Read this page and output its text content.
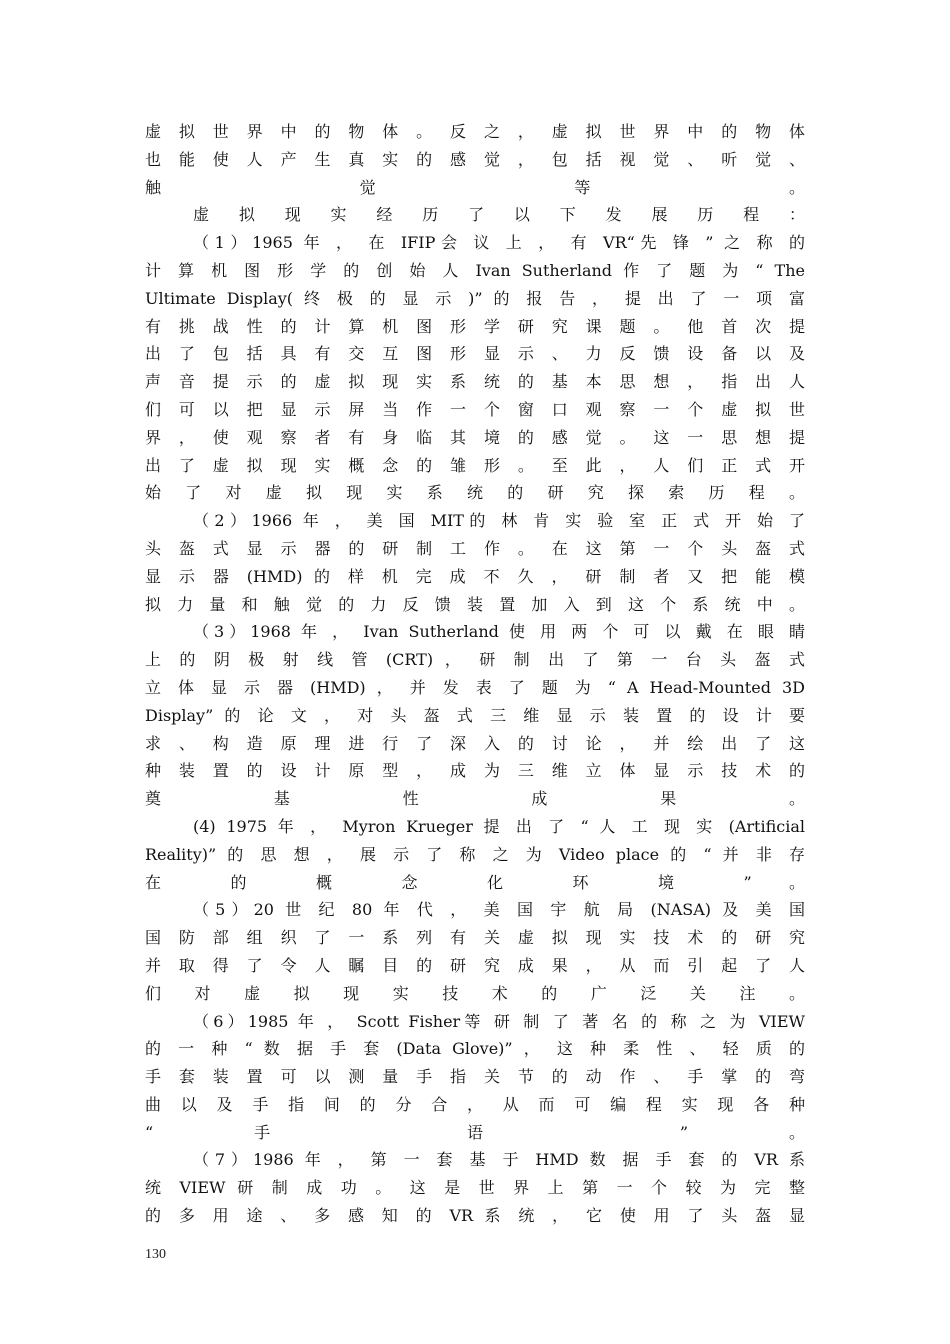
虚 拟 世 界 中 的 物 体 。 反 之 ， 虚 拟 世 界 中 的 物 体
也 能 使 人 产 生 真 实 的 感 觉 ， 包 括 视 觉 、 听 觉 、
触 觉 等 。
虚 拟 现 实 经 历 了 以 下 发 展 历 程 ：
（1）1965 年 ， 在 IFIP会 议 上 ， 有 VR“先 锋 ” 之 称 的
计 算 机 图 形 学 的 创 始 人 Ivan Sutherland 作 了 题 为 “ The
Ultimate Display( 终 极 的 显 示 )” 的 报 告 ， 提 出 了 一 项 富
有 挑 战 性 的 计 算 机 图 形 学 研 究 课 题 。 他 首 次 提
出 了 包 括 具 有 交 互 图 形 显 示 、 力 反 馈 设 备 以 及
声 音 提 示 的 虚 拟 现 实 系 统 的 基 本 思 想 ， 指 出 人
们 可 以 把 显 示 屏 当 作 一 个 窗 口 观 察 一 个 虚 拟 世
界 ， 使 观 察 者 有 身 临 其 境 的 感 觉 。 这 一 思 想 提
出 了 虚 拟 现 实 概 念 的 雏 形 。 至 此 ， 人 们 正 式 开
始 了 对 虚 拟 现 实 系 统 的 研 究 探 索 历 程 。
（2）1966 年 ， 美 国 MIT的 林 肯 实 验 室 正 式 开 始 了
头 盔 式 显 示 器 的 研 制 工 作 。 在 这 第 一 个 头 盔 式
显 示 器 (HMD) 的 样 机 完 成 不 久 ， 研 制 者 又 把 能 模
拟 力 量 和 触 觉 的 力 反 馈 装 置 加 入 到 这 个 系 统 中 。
（3）1968 年 ， Ivan Sutherland 使 用 两 个 可 以 戴 在 眼 睛
上 的 阴 极 射 线 管 (CRT) ， 研 制 出 了 第 一 台 头 盔 式
立 体 显 示 器 (HMD) ， 并 发 表 了 题 为 “ A Head-Mounted 3D
Display” 的 论 文 ， 对 头 盔 式 三 维 显 示 装 置 的 设 计 要
求 、 构 造 原 理 进 行 了 深 入 的 讨 论 ， 并 绘 出 了 这
种 装 置 的 设 计 原 型 ， 成 为 三 维 立 体 显 示 技 术 的
奠 基 性 成 果 。
(4) 1975 年 ， Myron Krueger 提 出 了 “ 人 工 现 实 (Artificial
Reality)” 的 思 想 ， 展 示 了 称 之 为 Video place 的 “ 并 非 存
在 的 概 念 化 环 境 ” 。
（5）20 世 纪 80 年 代 ， 美 国 宇 航 局 (NASA) 及 美 国
国 防 部 组 织 了 一 系 列 有 关 虚 拟 现 实 技 术 的 研 究
并 取 得 了 令 人 瞩 目 的 研 究 成 果 ， 从 而 引 起 了 人
们 对 虚 拟 现 实 技 术 的 广 泛 关 注 。
（6）1985 年 ， Scott Fisher等 研 制 了 著 名 的 称 之 为 VIEW
的 一 种 “ 数 据 手 套 (Data Glove)” ， 这 种 柔 性 、 轻 质 的
手 套 装 置 可 以 测 量 手 指 关 节 的 动 作 、 手 掌 的 弯
曲 以 及 手 指 间 的 分 合 ， 从 而 可 编 程 实 现 各 种
“ 手 语 ” 。
（7）1986 年 ， 第 一 套 基 于 HMD 数 据 手 套 的 VR 系
统 VIEW 研 制 成 功 。 这 是 世 界 上 第 一 个 较 为 完 整
的 多 用 途 、 多 感 知 的 VR 系 统 ， 它 使 用 了 头 盔 显
130
